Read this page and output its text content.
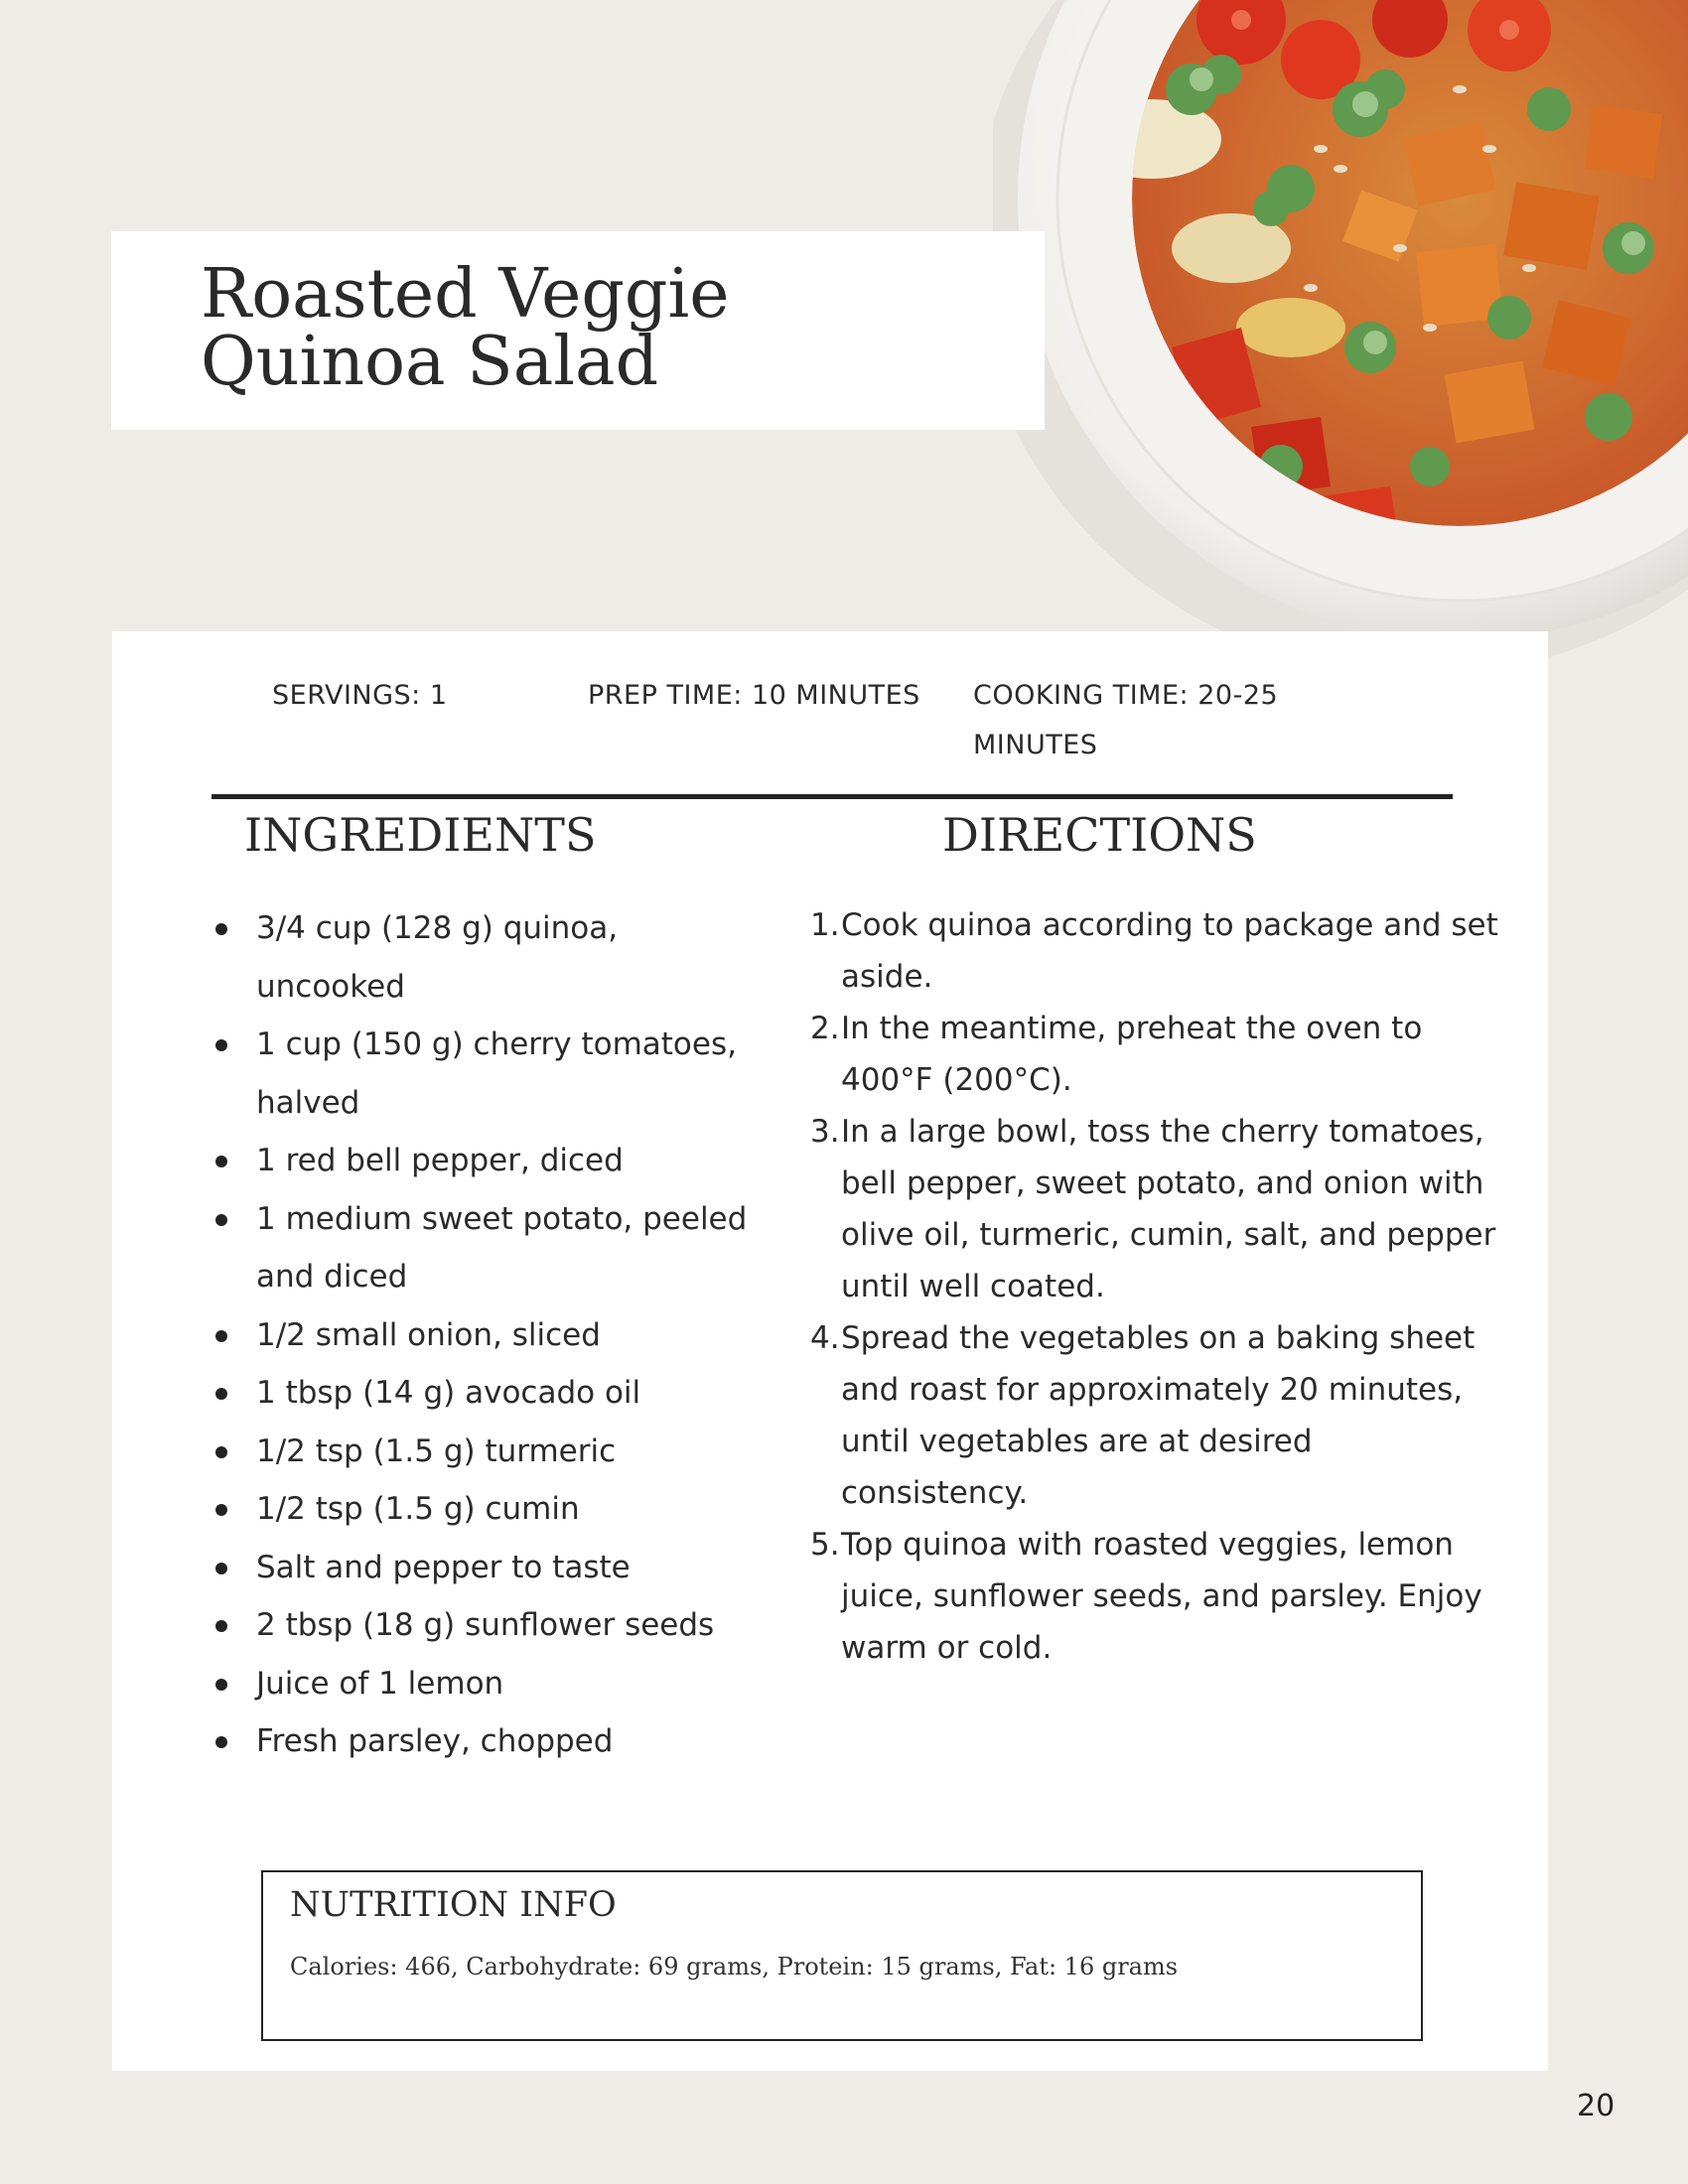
Roasted Veggie Quinoa Salad
SERVINGS: 1	PREP TIME: 10 MINUTES	COOKING TIME: 20-25 MINUTES
INGREDIENTS	DIRECTIONS
3/4 cup (128 g) quinoa, uncooked
1 cup (150 g) cherry tomatoes, halved
1 red bell pepper, diced
1 medium sweet potato, peeled and diced
1/2 small onion, sliced
1 tbsp (14 g) avocado oil
1/2 tsp (1.5 g) turmeric
1/2 tsp (1.5 g) cumin
Salt and pepper to taste
2 tbsp (18 g) sunflower seeds
Juice of 1 lemon
Fresh parsley, chopped
1. Cook quinoa according to package and set aside.
2. In the meantime, preheat the oven to 400°F (200°C).
3. In a large bowl, toss the cherry tomatoes, bell pepper, sweet potato, and onion with olive oil, turmeric, cumin, salt, and pepper until well coated.
4. Spread the vegetables on a baking sheet and roast for approximately 20 minutes, until vegetables are at desired consistency.
5. Top quinoa with roasted veggies, lemon juice, sunflower seeds, and parsley. Enjoy warm or cold.
NUTRITION INFO

Calories: 466, Carbohydrate: 69 grams, Protein: 15 grams, Fat: 16 grams

20
